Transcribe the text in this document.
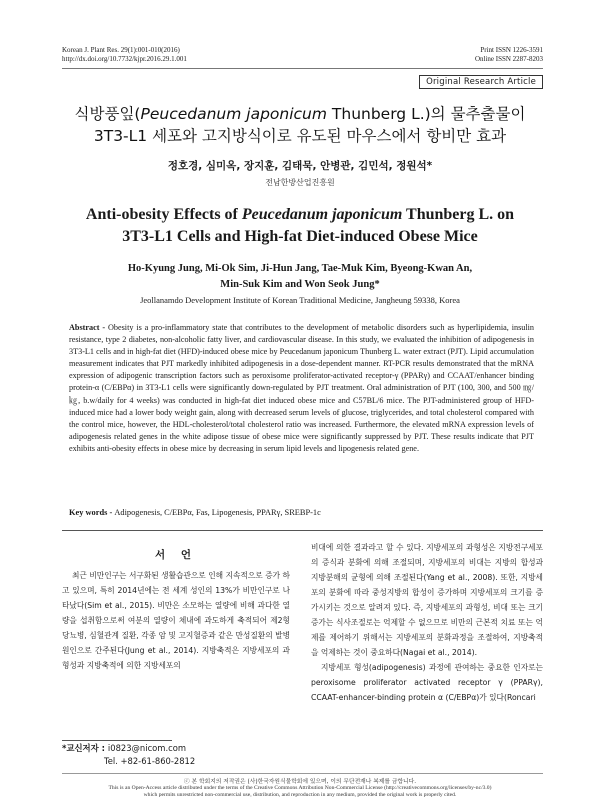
Korean J. Plant Res. 29(1):001-010(2016)
http://dx.doi.org/10.7732/kjpr.2016.29.1.001
Print ISSN 1226-3591
Online ISSN 2287-8203
Original Research Article
식방풍잎(Peucedanum japonicum Thunberg L.)의 물추출물이
3T3-L1 세포와 고지방식이로 유도된 마우스에서 항비만 효과
정호경, 심미옥, 장지훈, 김태묵, 안병관, 김민석, 정원석*
전남한방산업진흥원
Anti-obesity Effects of Peucedanum japonicum Thunberg L. on
3T3-L1 Cells and High-fat Diet-induced Obese Mice
Ho-Kyung Jung, Mi-Ok Sim, Ji-Hun Jang, Tae-Muk Kim, Byeong-Kwan An,
Min-Suk Kim and Won Seok Jung*
Jeollanamdo Development Institute of Korean Traditional Medicine, Jangheung 59338, Korea
Abstract - Obesity is a pro-inflammatory state that contributes to the development of metabolic disorders such as hyperlipidemia, insulin resistance, type 2 diabetes, non-alcoholic fatty liver, and cardiovascular disease. In this study, we evaluated the inhibition of adipogenesis in 3T3-L1 cells and in high-fat diet (HFD)-induced obese mice by Peucedanum japonicum Thunberg L. water extract (PJT). Lipid accumulation measurement indicates that PJT markedly inhibited adipogenesis in a dose-dependent manner. RT-PCR results demonstrated that the mRNA expression of adipogenic transcription factors such as peroxisome proliferator-activated receptor-γ (PPARγ) and CCAAT/enhancer binding protein-α (C/EBPα) in 3T3-L1 cells were significantly down-regulated by PJT treatment. Oral administration of PJT (100, 300, and 500 ㎎/㎏, b.w/daily for 4 weeks) was conducted in high-fat diet induced obese mice and C57BL/6 mice. The PJT-administered group of HFD-induced mice had a lower body weight gain, along with decreased serum levels of glucose, triglycerides, and total cholesterol compared with the control mice, however, the HDL-cholesterol/total cholesterol ratio was increased. Furthermore, the elevated mRNA expression levels of adipogenesis related genes in the white adipose tissue of obese mice were significantly suppressed by PJT. These results indicate that PJT exhibits anti-obesity effects in obese mice by decreasing in serum lipid levels and lipogenesis related gene.
Key words - Adipogenesis, C/EBPα, Fas, Lipogenesis, PPARγ, SREBP-1c
서 언
최근 비만인구는 서구화된 생활습관으로 인해 지속적으로 증가 하고 있으며, 특히 2014년에는 전 세계 성인의 13%가 비만인구로 나타났다(Sim et al., 2015). 비만은 소모하는 열량에 비해 과다한 열량을 섭취함으로써 여분의 열량이 체내에 과도하게 축적되어 제2형 당뇨병, 심혈관계 질환, 각종 암 및 고지혈증과 같은 만성질환의 발병원인으로 간주된다(Jung et al., 2014). 지방축적은 지방세포의 과형성과 지방축적에 의한 지방세포의

비대에 의한 결과라고 할 수 있다. 지방세포의 과형성은 지방전구세포의 증식과 분화에 의해 조절되며, 지방세포의 비대는 지방의 합성과 지방분해의 균형에 의해 조절된다(Yang et al., 2008). 또한, 지방세포의 분화에 따라 중성지방의 합성이 증가하며 지방세포의 크기를 증가시키는 것으로 알려져 있다. 즉, 지방세포의 과형성, 비대 또는 크기 증가는 식사조절로는 억제할 수 없으므로 비만의 근본적 치료 또는 억제를 제어하기 위해서는 지방세포의 분화과정을 조절하여, 지방축적을 억제하는 것이 중요하다(Nagai et al., 2014).

지방세포 형성(adipogenesis) 과정에 관여하는 중요한 인자로는 peroxisome proliferator activated receptor γ (PPARγ), CCAAT-enhancer-binding protein α (C/EBPα)가 있다(Roncari

*교신저자 : i0823@nicom.com
Tel. +82-61-860-2812
ⓒ 본 학회지의 저작권은 (사)한국자원식물학회에 있으며, 이의 무단전재나 복제를 금합니다.
This is an Open-Access article distributed under the terms of the Creative Commons Attribution Non-Commercial License (http://creativecommons.org/licenses/by-nc/3.0)
which permits unrestricted non-commercial use, distribution, and reproduction in any medium, provided the original work is properly cited.
